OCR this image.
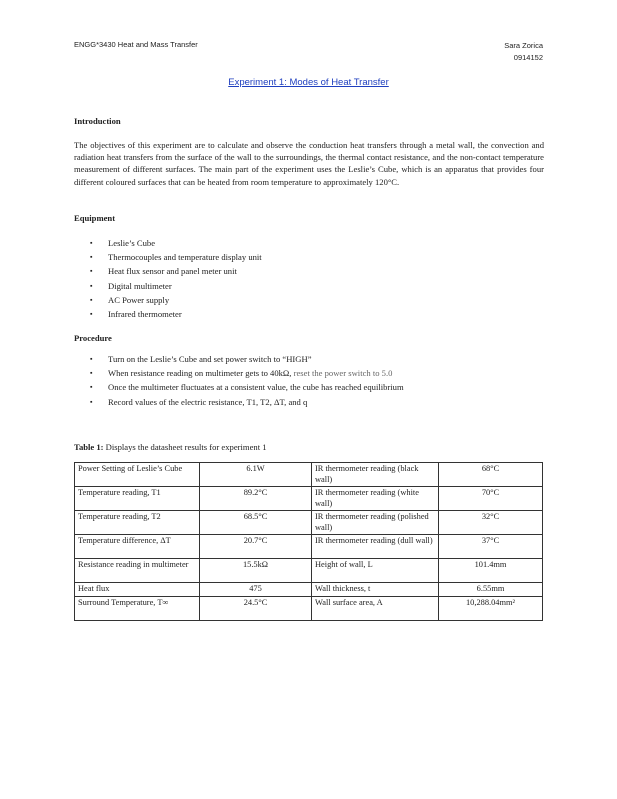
ENGG*3430 Heat and Mass Transfer	Sara Zorica
0914152
Experiment 1: Modes of Heat Transfer
Introduction
The objectives of this experiment are to calculate and observe the conduction heat transfers through a metal wall, the convection and radiation heat transfers from the surface of the wall to the surroundings, the thermal contact resistance, and the non-contact temperature measurement of different surfaces. The main part of the experiment uses the Leslie’s Cube, which is an apparatus that provides four different coloured surfaces that can be heated from room temperature to approximately 120°C.
Equipment
▪ Leslie’s Cube
▪ Thermocouples and temperature display unit
▪ Heat flux sensor and panel meter unit
▪ Digital multimeter
▪ AC Power supply
▪ Infrared thermometer
Procedure
▪ Turn on the Leslie’s Cube and set power switch to “HIGH”
▪ When resistance reading on multimeter gets to 40kΩ, reset the power switch to 5.0
▪ Once the multimeter fluctuates at a consistent value, the cube has reached equilibrium
▪ Record values of the electric resistance, T1, T2, ΔT, and q
Table 1: Displays the datasheet results for experiment 1
Power Setting of Leslie’s Cube	6.1W	IR thermometer reading (black wall)	68°C
Temperature reading, T1	89.2°C	IR thermometer reading (white wall)	70°C
Temperature reading, T2	68.5°C	IR thermometer reading (polished wall)	32°C
Temperature difference, ΔT	20.7°C	IR thermometer reading (dull wall)	37°C
Resistance reading in multimeter	15.5kΩ	Height of wall, L	101.4mm
Heat flux	475	Wall thickness, t	6.55mm
Surround Temperature, T∞	24.5°C	Wall surface area, A	10,288.04mm²
